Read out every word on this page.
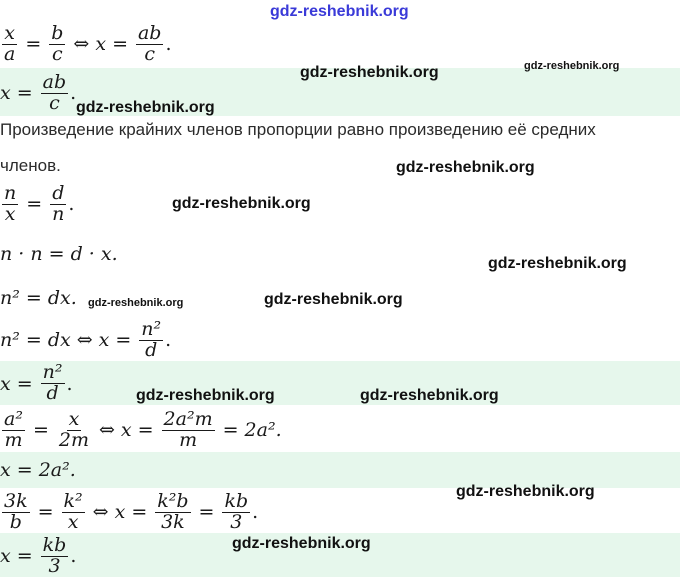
$\frac{x}{a} = \frac{b}{c}$ ⇔ $x = \frac{ab}{c}$ .
$x = \frac{ab}{c}$ .
Произведение крайних членов пропорции равно произведению её средних
членов.
$\frac{n}{x} = \frac{d}{n}$ .
n · n = d · x.
n² = dx.
n² = dx ⇔ $x = \frac{\text{n²}}{d}$ .
$x = \frac{\text{n²}}{d}$ .
$\frac{\text{a²}}{m} = \frac{x}{2m}$ ⇔ $x = \frac{\text{2a²m}}{m} = 2a^2$.
x = 2a².
$\frac{3k}{b} = \frac{\text{k²}}{x}$ ⇔ $x = \frac{\text{k²b}}{3k} = \frac{kb}{3}$ .
$x = \frac{kb}{3}$ .
gdz-reshebnik.org
gdz-reshebnik.org	gdz-reshebnik.org
gdz-reshebnik.org
gdz-reshebnik.org
gdz-reshebnik.org
gdz-reshebnik.org
gdz-reshebnik.org	gdz-reshebnik.org
gdz-reshebnik.org	gdz-reshebnik.org
gdz-reshebnik.org
gdz-reshebnik.org
